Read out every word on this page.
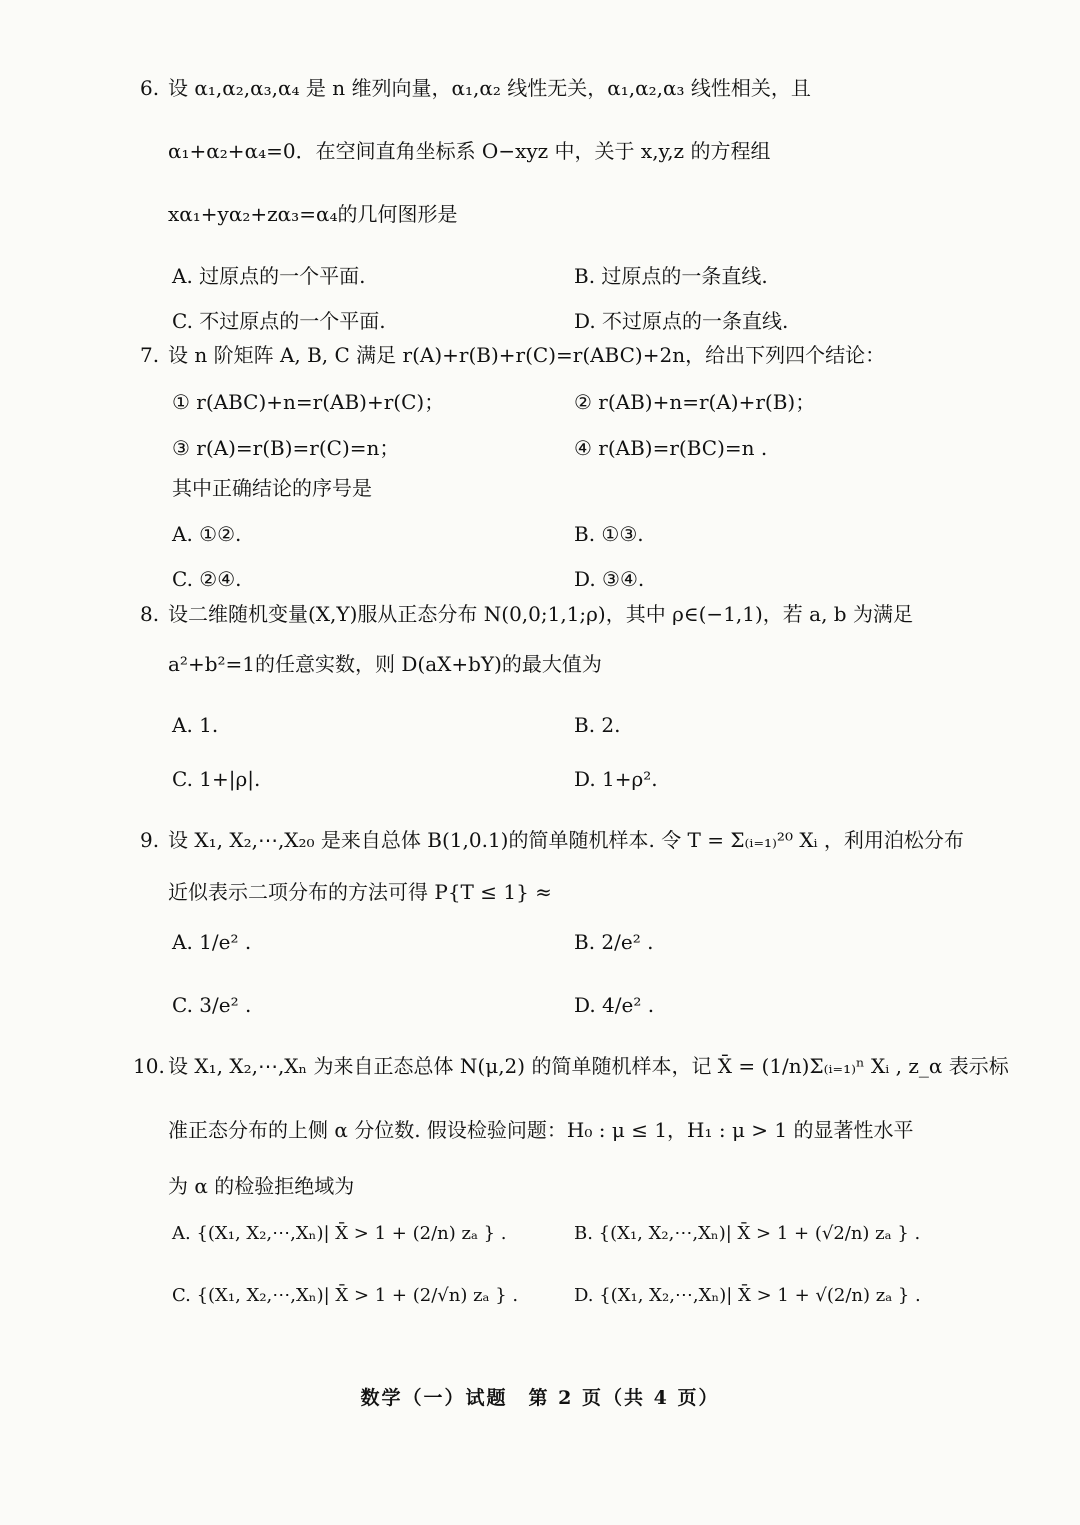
6. 设 α₁,α₂,α₃,α₄ 是 n 维列向量，α₁,α₂ 线性无关，α₁,α₂,α₃ 线性相关，且
α₁+α₂+α₄=0．在空间直角坐标系 O−xyz 中，关于 x,y,z 的方程组
xα₁+yα₂+zα₃=α₄的几何图形是
A. 过原点的一个平面.	B. 过原点的一条直线.
C. 不过原点的一个平面.	D. 不过原点的一条直线.
7. 设 n 阶矩阵 A, B, C 满足 r(A)+r(B)+r(C)=r(ABC)+2n，给出下列四个结论：
① r(ABC)+n=r(AB)+r(C)；	② r(AB)+n=r(A)+r(B)；
③ r(A)=r(B)=r(C)=n；	④ r(AB)=r(BC)=n .
其中正确结论的序号是
A. ①②.	B. ①③.
C. ②④.	D. ③④.
8. 设二维随机变量(X,Y)服从正态分布 N(0,0;1,1;ρ)，其中 ρ∈(−1,1)，若 a, b 为满足
a²+b²=1的任意实数，则 D(aX+bY)的最大值为
A. 1.	B. 2.
C. 1+|ρ|.	D. 1+ρ².
9. 设 X₁, X₂,⋯,X₂₀ 是来自总体 B(1,0.1)的简单随机样本. 令 T = Σ₍ᵢ₌₁₎²⁰ Xᵢ ，利用泊松分布
近似表示二项分布的方法可得 P{T ≤ 1} ≈
A. 1/e² .	B. 2/e² .
C. 3/e² .	D. 4/e² .
10. 设 X₁, X₂,⋯,Xₙ 为来自正态总体 N(μ,2) 的简单随机样本，记 X̄ = (1/n)Σ₍ᵢ₌₁₎ⁿ Xᵢ , z_α 表示标
准正态分布的上侧 α 分位数. 假设检验问题：H₀ : μ ≤ 1，H₁ : μ > 1 的显著性水平
为 α 的检验拒绝域为
A. {(X₁, X₂,⋯,Xₙ)| X̄ > 1 + (2/n) zₐ } .	B. {(X₁, X₂,⋯,Xₙ)| X̄ > 1 + (√2/n) zₐ } .
C. {(X₁, X₂,⋯,Xₙ)| X̄ > 1 + (2/√n) zₐ } .	D. {(X₁, X₂,⋯,Xₙ)| X̄ > 1 + √(2/n) zₐ } .
数学（一）试题　第 2 页（共 4 页）
